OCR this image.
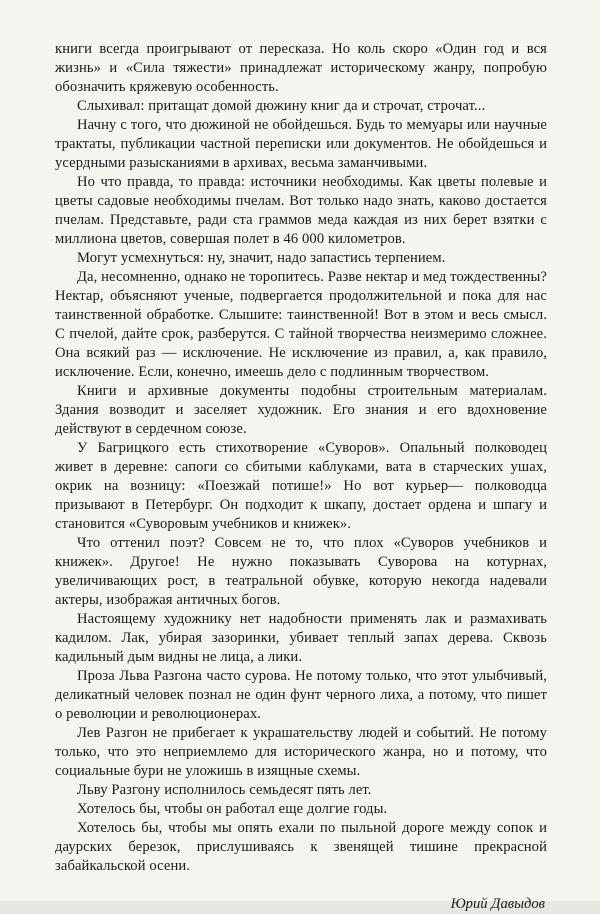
книги всегда проигрывают от пересказа. Но коль скоро «Один год и вся жизнь» и «Сила тяжести» принадлежат историческому жанру, попробую обозначить кряжевую особенность.

Слыхивал: притащат домой дюжину книг да и строчат, строчат...

Начну с того, что дюжиной не обойдешься. Будь то мемуары или научные трактаты, публикации частной переписки или документов. Не обойдешься и усердными разысканиями в архивах, весьма заманчивыми.

Но что правда, то правда: источники необходимы. Как цветы полевые и цветы садовые необходимы пчелам. Вот только надо знать, каково достается пчелам. Представьте, ради ста граммов меда каждая из них берет взятки с миллиона цветов, совершая полет в 46 000 километров.

Могут усмехнуться: ну, значит, надо запастись терпением.

Да, несомненно, однако не торопитесь. Разве нектар и мед тождественны? Нектар, объясняют ученые, подвергается продолжительной и пока для нас таинственной обработке. Слышите: таинственной! Вот в этом и весь смысл. С пчелой, дайте срок, разберутся. С тайной творчества неизмеримо сложнее. Она всякий раз — исключение. Не исключение из правил, а, как правило, исключение. Если, конечно, имеешь дело с подлинным творчеством.

Книги и архивные документы подобны строительным материалам. Здания возводит и заселяет художник. Его знания и его вдохновение действуют в сердечном союзе.

У Багрицкого есть стихотворение «Суворов». Опальный полководец живет в деревне: сапоги со сбитыми каблуками, вата в старческих ушах, окрик на возницу: «Поезжай потише!» Но вот курьер— полководца призывают в Петербург. Он подходит к шкапу, достает ордена и шпагу и становится «Суворовым учебников и книжек».

Что оттенил поэт? Совсем не то, что плох «Суворов учебников и книжек». Другое! Не нужно показывать Суворова на котурнах, увеличивающих рост, в театральной обувке, которую некогда надевали актеры, изображая античных богов.

Настоящему художнику нет надобности применять лак и размахивать кадилом. Лак, убирая зазоринки, убивает теплый запах дерева. Сквозь кадильный дым видны не лица, а лики.

Проза Льва Разгона часто сурова. Не потому только, что этот улыбчивый, деликатный человек познал не один фунт черного лиха, а потому, что пишет о революции и революционерах.

Лев Разгон не прибегает к украшательству людей и событий. Не потому только, что это неприемлемо для исторического жанра, но и потому, что социальные бури не уложишь в изящные схемы.

Льву Разгону исполнилось семьдесят пять лет.

Хотелось бы, чтобы он работал еще долгие годы.

Хотелось бы, чтобы мы опять ехали по пыльной дороге между сопок и даурских березок, прислушиваясь к звенящей тишине прекрасной забайкальской осени.

Юрий Давыдов
